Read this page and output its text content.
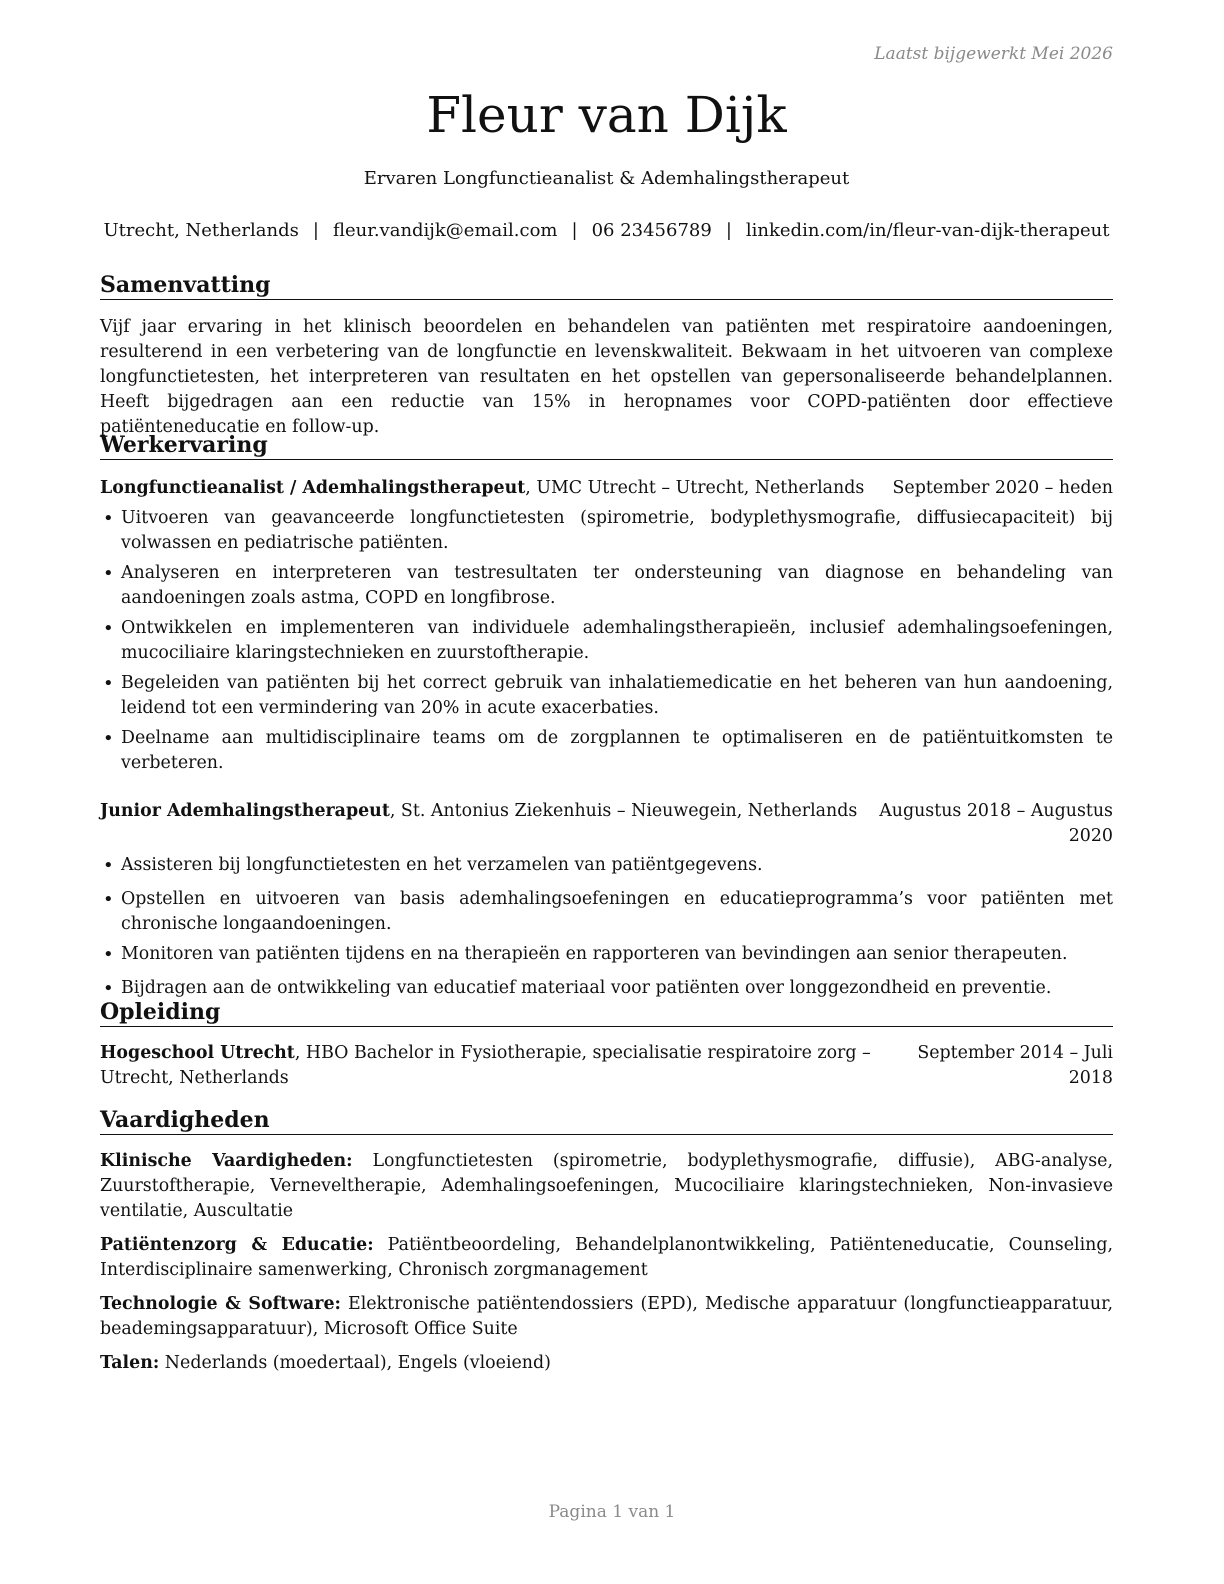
Laatst bijgewerkt Mei 2026
Fleur van Dijk
Ervaren Longfunctieanalist & Ademhalingstherapeut
Utrecht, Netherlands | fleur.vandijk@email.com | 06 23456789 | linkedin.com/in/fleur-van-dijk-therapeut
Samenvatting

Vijf jaar ervaring in het klinisch beoordelen en behandelen van patiënten met respiratoire aandoeningen, resulterend in een verbetering van de longfunctie en levenskwaliteit. Bekwaam in het uitvoeren van complexe longfunctietesten, het interpreteren van resultaten en het opstellen van gepersonaliseerde behandelplannen. Heeft bijgedragen aan een reductie van 15% in heropnames voor COPD-patiënten door effectieve patiënteneducatie en follow-up.

Werkervaring
Longfunctieanalist / Ademhalingstherapeut, UMC Utrecht – Utrecht, Netherlands September 2020 – heden
• Uitvoeren van geavanceerde longfunctietesten (spirometrie, bodyplethysmografie, diffusiecapaciteit) bij volwassen en pediatrische patiënten.
• Analyseren en interpreteren van testresultaten ter ondersteuning van diagnose en behandeling van aandoeningen zoals astma, COPD en longfibrose.
• Ontwikkelen en implementeren van individuele ademhalingstherapieën, inclusief ademhalingsoefeningen, mucociliaire klaringstechnieken en zuurstoftherapie.
• Begeleiden van patiënten bij het correct gebruik van inhalatiemedicatie en het beheren van hun aandoening, leidend tot een vermindering van 20% in acute exacerbaties.
• Deelname aan multidisciplinaire teams om de zorgplannen te optimaliseren en de patiëntuitkomsten te verbeteren.
Junior Ademhalingstherapeut, St. Antonius Ziekenhuis – Nieuwegein, Netherlands Augustus 2018 – Augustus
2020
• Assisteren bij longfunctietesten en het verzamelen van patiëntgegevens.
• Opstellen en uitvoeren van basis ademhalingsoefeningen en educatieprogramma’s voor patiënten met chronische longaandoeningen.
• Monitoren van patiënten tijdens en na therapieën en rapporteren van bevindingen aan senior therapeuten.
• Bijdragen aan de ontwikkeling van educatief materiaal voor patiënten over longgezondheid en preventie.
Opleiding
Hogeschool Utrecht, HBO Bachelor in Fysiotherapie, specialisatie respiratoire zorg –
Utrecht, Netherlands
September 2014 – Juli
2018
Vaardigheden

Klinische Vaardigheden: Longfunctietesten (spirometrie, bodyplethysmografie, diffusie), ABG-analyse, Zuurstoftherapie, Verneveltherapie, Ademhalingsoefeningen, Mucociliaire klaringstechnieken, Non-invasieve ventilatie, Auscultatie

Patiëntenzorg & Educatie: Patiëntbeoordeling, Behandelplanontwikkeling, Patiënteneducatie, Counseling, Interdisciplinaire samenwerking, Chronisch zorgmanagement

Technologie & Software: Elektronische patiëntendossiers (EPD), Medische apparatuur (longfunctieapparatuur, beademingsapparatuur), Microsoft Office Suite

Talen: Nederlands (moedertaal), Engels (vloeiend)

Pagina 1 van 1
